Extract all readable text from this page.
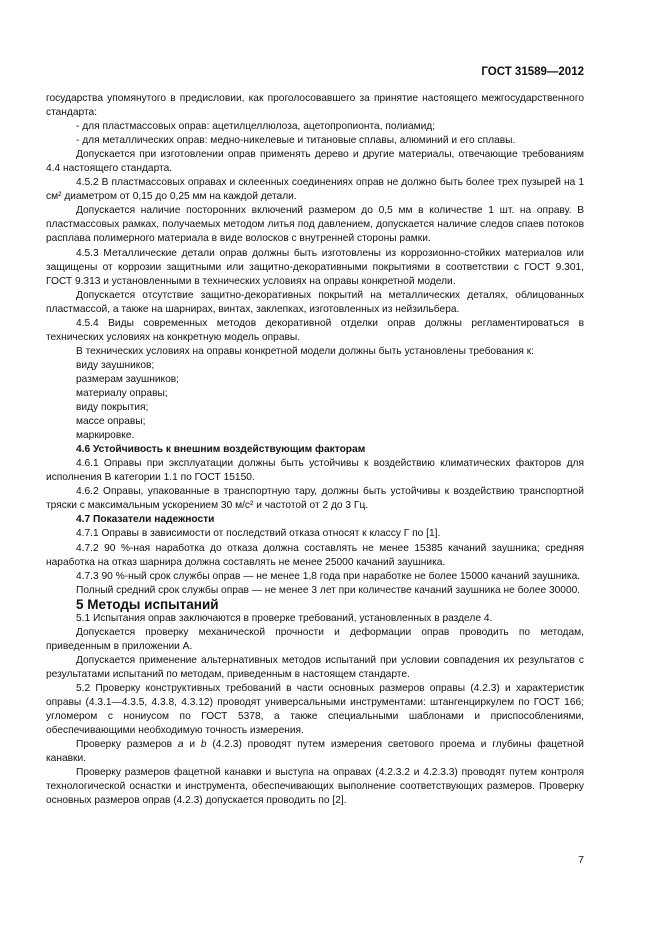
ГОСТ 31589—2012

государства упомянутого в предисловии, как проголосовавшего за принятие настоящего межгосударственного стандарта:

- для пластмассовых оправ: ацетилцеллюлоза, ацетопропионта, полиамид;

- для металлических оправ: медно-никелевые и титановые сплавы, алюминий и его сплавы.

Допускается при изготовлении оправ применять дерево и другие материалы, отвечающие требованиям 4.4 настоящего стандарта.

4.5.2 В пластмассовых оправах и склеенных соединениях оправ не должно быть более трех пузырей на 1 см² диаметром от 0,15 до 0,25 мм на каждой детали.

Допускается наличие посторонних включений размером до 0,5 мм в количестве 1 шт. на оправу. В пластмассовых рамках, получаемых методом литья под давлением, допускается наличие следов спаев потоков расплава полимерного материала в виде волосков с внутренней стороны рамки.

4.5.3 Металлические детали оправ должны быть изготовлены из коррозионно-стойких материалов или защищены от коррозии защитными или защитно-декоративными покрытиями в соответствии с ГОСТ 9.301, ГОСТ 9.313 и установленными в технических условиях на оправы конкретной модели.

Допускается отсутствие защитно-декоративных покрытий на металлических деталях, облицованных пластмассой, а также на шарнирах, винтах, заклепках, изготовленных из нейзильбера.

4.5.4 Виды современных методов декоративной отделки оправ должны регламентироваться в технических условиях на конкретную модель оправы.

В технических условиях на оправы конкретной модели должны быть установлены требования к:

виду заушников;

размерам заушников;

материалу оправы;

виду покрытия;

массе оправы;

маркировке.

4.6 Устойчивость к внешним воздействующим факторам

4.6.1 Оправы при эксплуатации должны быть устойчивы к воздействию климатических факторов для исполнения В категории 1.1 по ГОСТ 15150.

4.6.2 Оправы, упакованные в транспортную тару, должны быть устойчивы к воздействию транспортной тряски с максимальным ускорением 30 м/с² и частотой от 2 до 3 Гц.

4.7 Показатели надежности

4.7.1 Оправы в зависимости от последствий отказа относят к классу Г по [1].

4.7.2 90 %-ная наработка до отказа должна составлять не менее 15385 качаний заушника; средняя наработка на отказ шарнира должна составлять не менее 25000 качаний заушника.

4.7.3 90 %-ный срок службы оправ — не менее 1,8 года при наработке не более 15000 качаний заушника.

Полный средний срок службы оправ — не менее 3 лет при количестве качаний заушника не более 30000.

5 Методы испытаний

5.1 Испытания оправ заключаются в проверке требований, установленных в разделе 4.

Допускается проверку механической прочности и деформации оправ проводить по методам, приведенным в приложении А.

Допускается применение альтернативных методов испытаний при условии совпадения их результатов с результатами испытаний по методам, приведенным в настоящем стандарте.

5.2 Проверку конструктивных требований в части основных размеров оправы (4.2.3) и характеристик оправы (4.3.1—4.3.5, 4.3.8, 4.3.12) проводят универсальными инструментами: штангенциркулем по ГОСТ 166; угломером с нониусом по ГОСТ 5378, а также специальными шаблонами и приспособлениями, обеспечивающими необходимую точность измерения.

Проверку размеров a и b (4.2.3) проводят путем измерения светового проема и глубины фацетной канавки.

Проверку размеров фацетной канавки и выступа на оправах (4.2.3.2 и 4.2.3.3) проводят путем контроля технологической оснастки и инструмента, обеспечивающих выполнение соответствующих размеров. Проверку основных размеров оправ (4.2.3) допускается проводить по [2].

7
